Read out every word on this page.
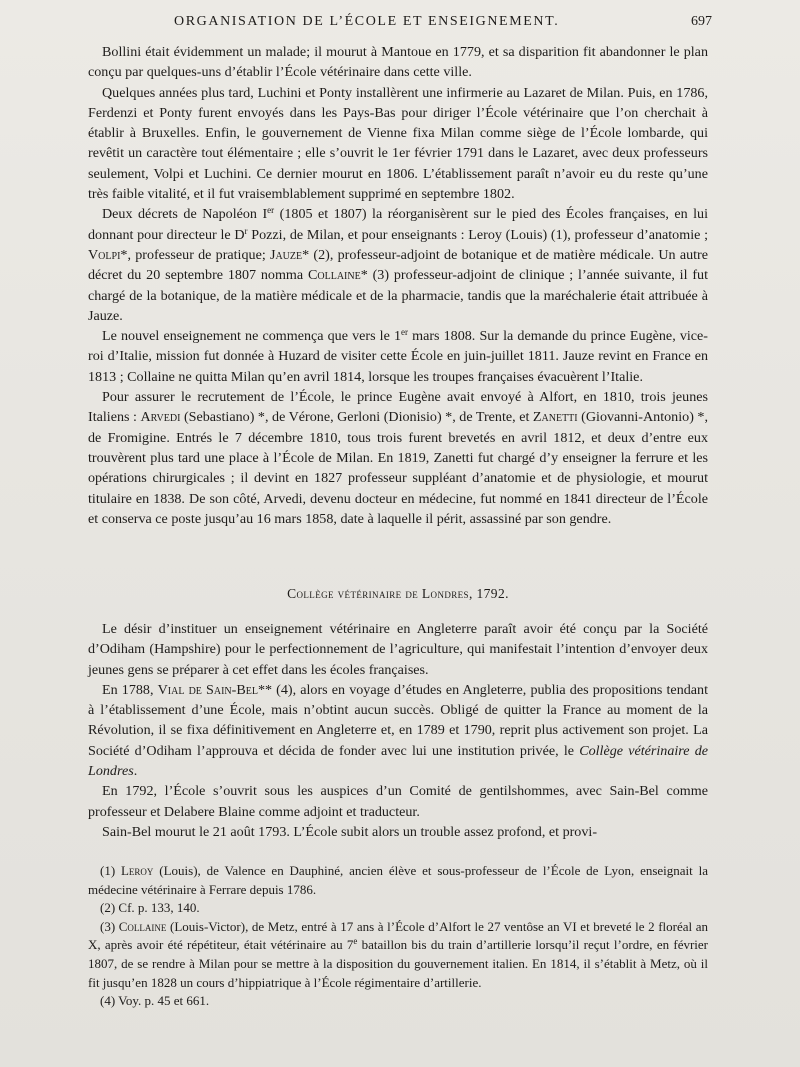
ORGANISATION DE L’ÉCOLE ET ENSEIGNEMENT.	697

Bollini était évidemment un malade; il mourut à Mantoue en 1779, et sa disparition fit abandonner le plan conçu par quelques-uns d’établir l’École vétérinaire dans cette ville.

Quelques années plus tard, Luchini et Ponty installèrent une infirmerie au Lazaret de Milan. Puis, en 1786, Ferdenzi et Ponty furent envoyés dans les Pays-Bas pour diriger l’École vétérinaire que l’on cherchait à établir à Bruxelles. Enfin, le gouvernement de Vienne fixa Milan comme siège de l’École lombarde, qui revêtit un caractère tout élémentaire ; elle s’ouvrit le 1er février 1791 dans le Lazaret, avec deux professeurs seulement, Volpi et Luchini. Ce dernier mourut en 1806. L’établissement paraît n’avoir eu du reste qu’une très faible vitalité, et il fut vraisemblablement supprimé en septembre 1802.

Deux décrets de Napoléon Ier (1805 et 1807) la réorganisèrent sur le pied des Écoles françaises, en lui donnant pour directeur le $D^r$ Pozzi, de Milan, et pour enseignants : Leroy (Louis) (1), professeur d’anatomie ; Volpi*, professeur de pratique; Jauze* (2), professeur-adjoint de botanique et de matière médicale. Un autre décret du 20 septembre 1807 nomma Collaine* (3) professeur-adjoint de clinique ; l’année suivante, il fut chargé de la botanique, de la matière médicale et de la pharmacie, tandis que la maréchalerie était attribuée à Jauze.

Le nouvel enseignement ne commença que vers le 1er mars 1808. Sur la demande du prince Eugène, vice-roi d’Italie, mission fut donnée à Huzard de visiter cette École en juin-juillet 1811. Jauze revint en France en 1813 ; Collaine ne quitta Milan qu’en avril 1814, lorsque les troupes françaises évacuèrent l’Italie.

Pour assurer le recrutement de l’École, le prince Eugène avait envoyé à Alfort, en 1810, trois jeunes Italiens : Arvedi (Sebastiano) *, de Vérone, Gerloni (Dionisio) *, de Trente, et Zanetti (Giovanni-Antonio) *, de Fromigine. Entrés le 7 décembre 1810, tous trois furent brevetés en avril 1812, et deux d’entre eux trouvèrent plus tard une place à l’École de Milan. En 1819, Zanetti fut chargé d’y enseigner la ferrure et les opérations chirurgicales ; il devint en 1827 professeur suppléant d’anatomie et de physiologie, et mourut titulaire en 1838. De son côté, Arvedi, devenu docteur en médecine, fut nommé en 1841 directeur de l’École et conserva ce poste jusqu’au 16 mars 1858, date à laquelle il périt, assassiné par son gendre.

Collège vétérinaire de Londres, 1792.

Le désir d’instituer un enseignement vétérinaire en Angleterre paraît avoir été conçu par la Société d’Odiham (Hampshire) pour le perfectionnement de l’agriculture, qui manifestait l’intention d’envoyer deux jeunes gens se préparer à cet effet dans les écoles françaises.

En 1788, Vial de Sain-Bel** (4), alors en voyage d’études en Angleterre, publia des propositions tendant à l’établissement d’une École, mais n’obtint aucun succès. Obligé de quitter la France au moment de la Révolution, il se fixa définitivement en Angleterre et, en 1789 et 1790, reprit plus activement son projet. La Société d’Odiham l’approuva et décida de fonder avec lui une institution privée, le Collège vétérinaire de Londres.

En 1792, l’École s’ouvrit sous les auspices d’un Comité de gentilshommes, avec Sain-Bel comme professeur et Delabere Blaine comme adjoint et traducteur.

Sain-Bel mourut le 21 août 1793. L’École subit alors un trouble assez profond, et provi-

(1) Leroy (Louis), de Valence en Dauphiné, ancien élève et sous-professeur de l’École de Lyon, enseignait la médecine vétérinaire à Ferrare depuis 1786.

(2) Cf. p. 133, 140.

(3) Collaine (Louis-Victor), de Metz, entré à 17 ans à l’École d’Alfort le 27 ventôse an VI et breveté le 2 floréal an X, après avoir été répétiteur, était vétérinaire au 7e bataillon bis du train d’artillerie lorsqu’il reçut l’ordre, en février 1807, de se rendre à Milan pour se mettre à la disposition du gouvernement italien. En 1814, il s’établit à Metz, où il fit jusqu’en 1828 un cours d’hippiatrique à l’École régimentaire d’artillerie.

(4) Voy. p. 45 et 661.
